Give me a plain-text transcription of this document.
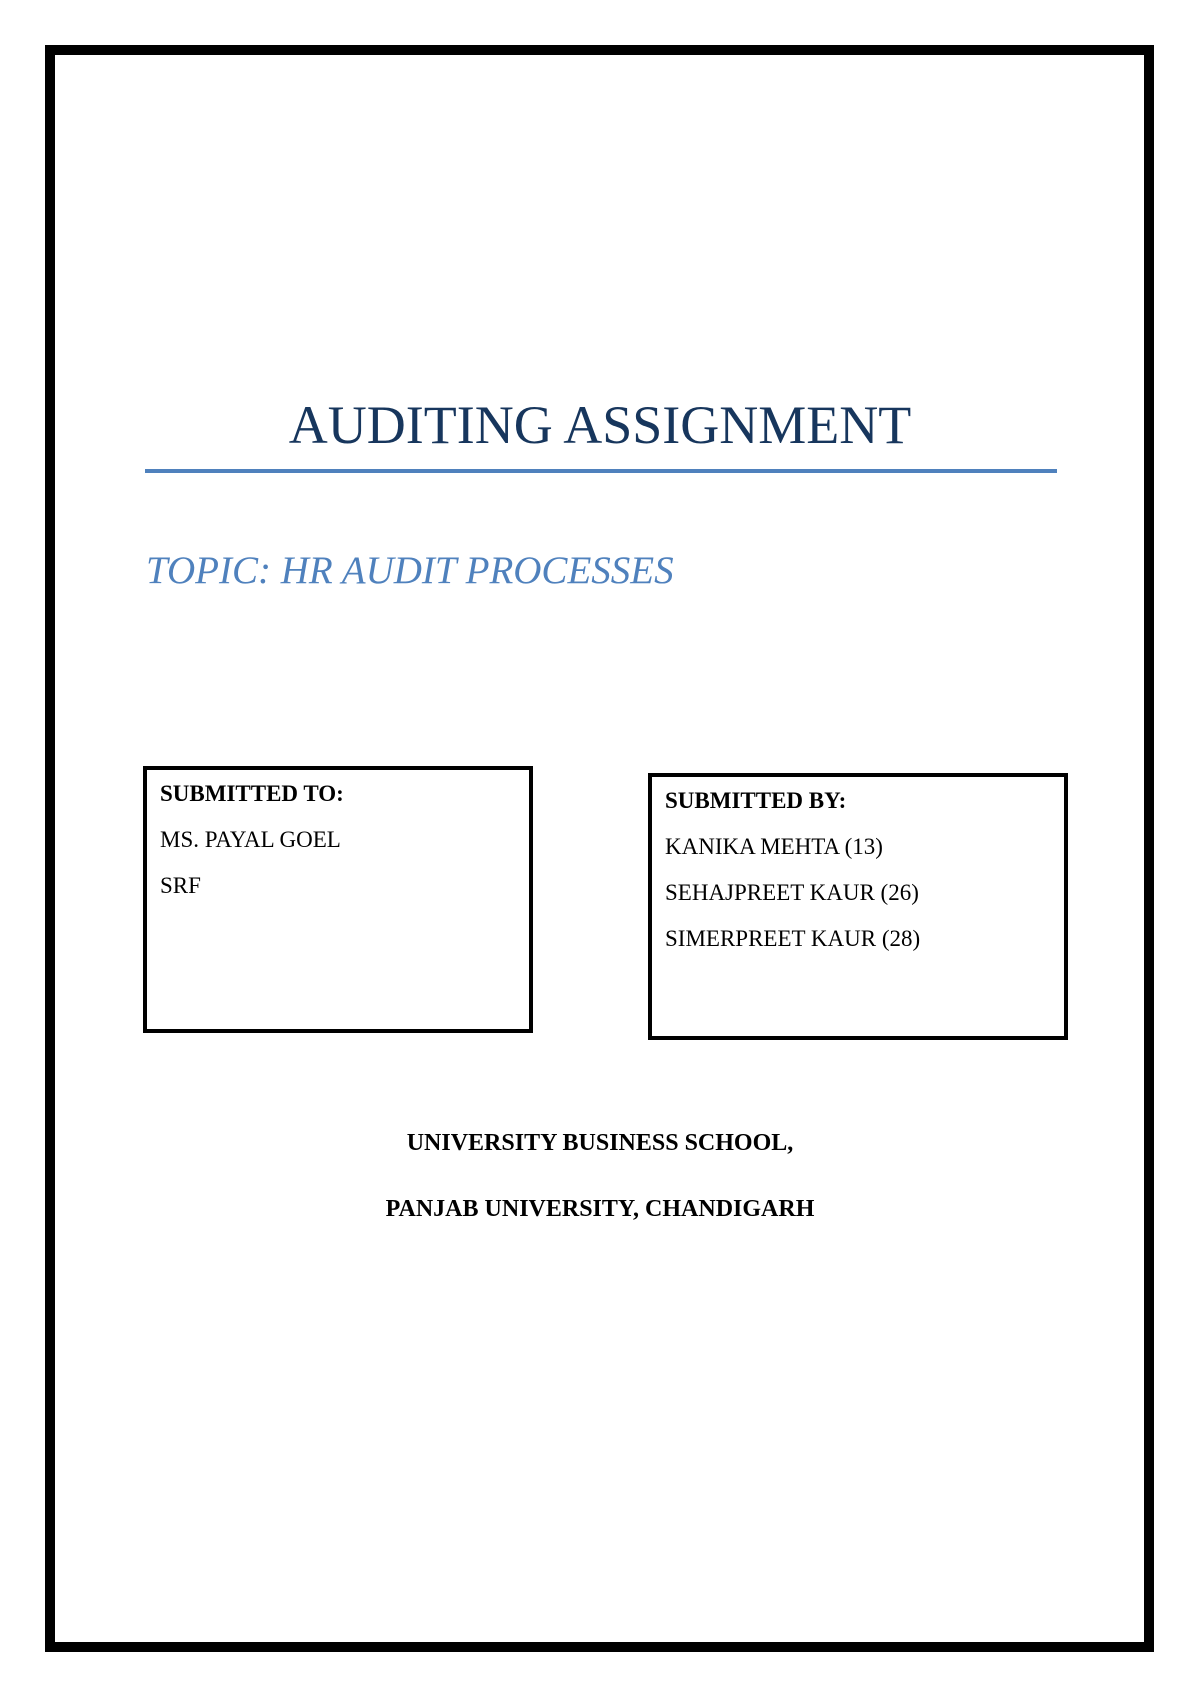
AUDITING ASSIGNMENT
TOPIC: HR AUDIT PROCESSES
SUBMITTED TO:
MS. PAYAL GOEL
SRF
SUBMITTED BY:
KANIKA MEHTA (13)
SEHAJPREET KAUR (26)
SIMERPREET KAUR (28)
UNIVERSITY BUSINESS SCHOOL,
PANJAB UNIVERSITY, CHANDIGARH
